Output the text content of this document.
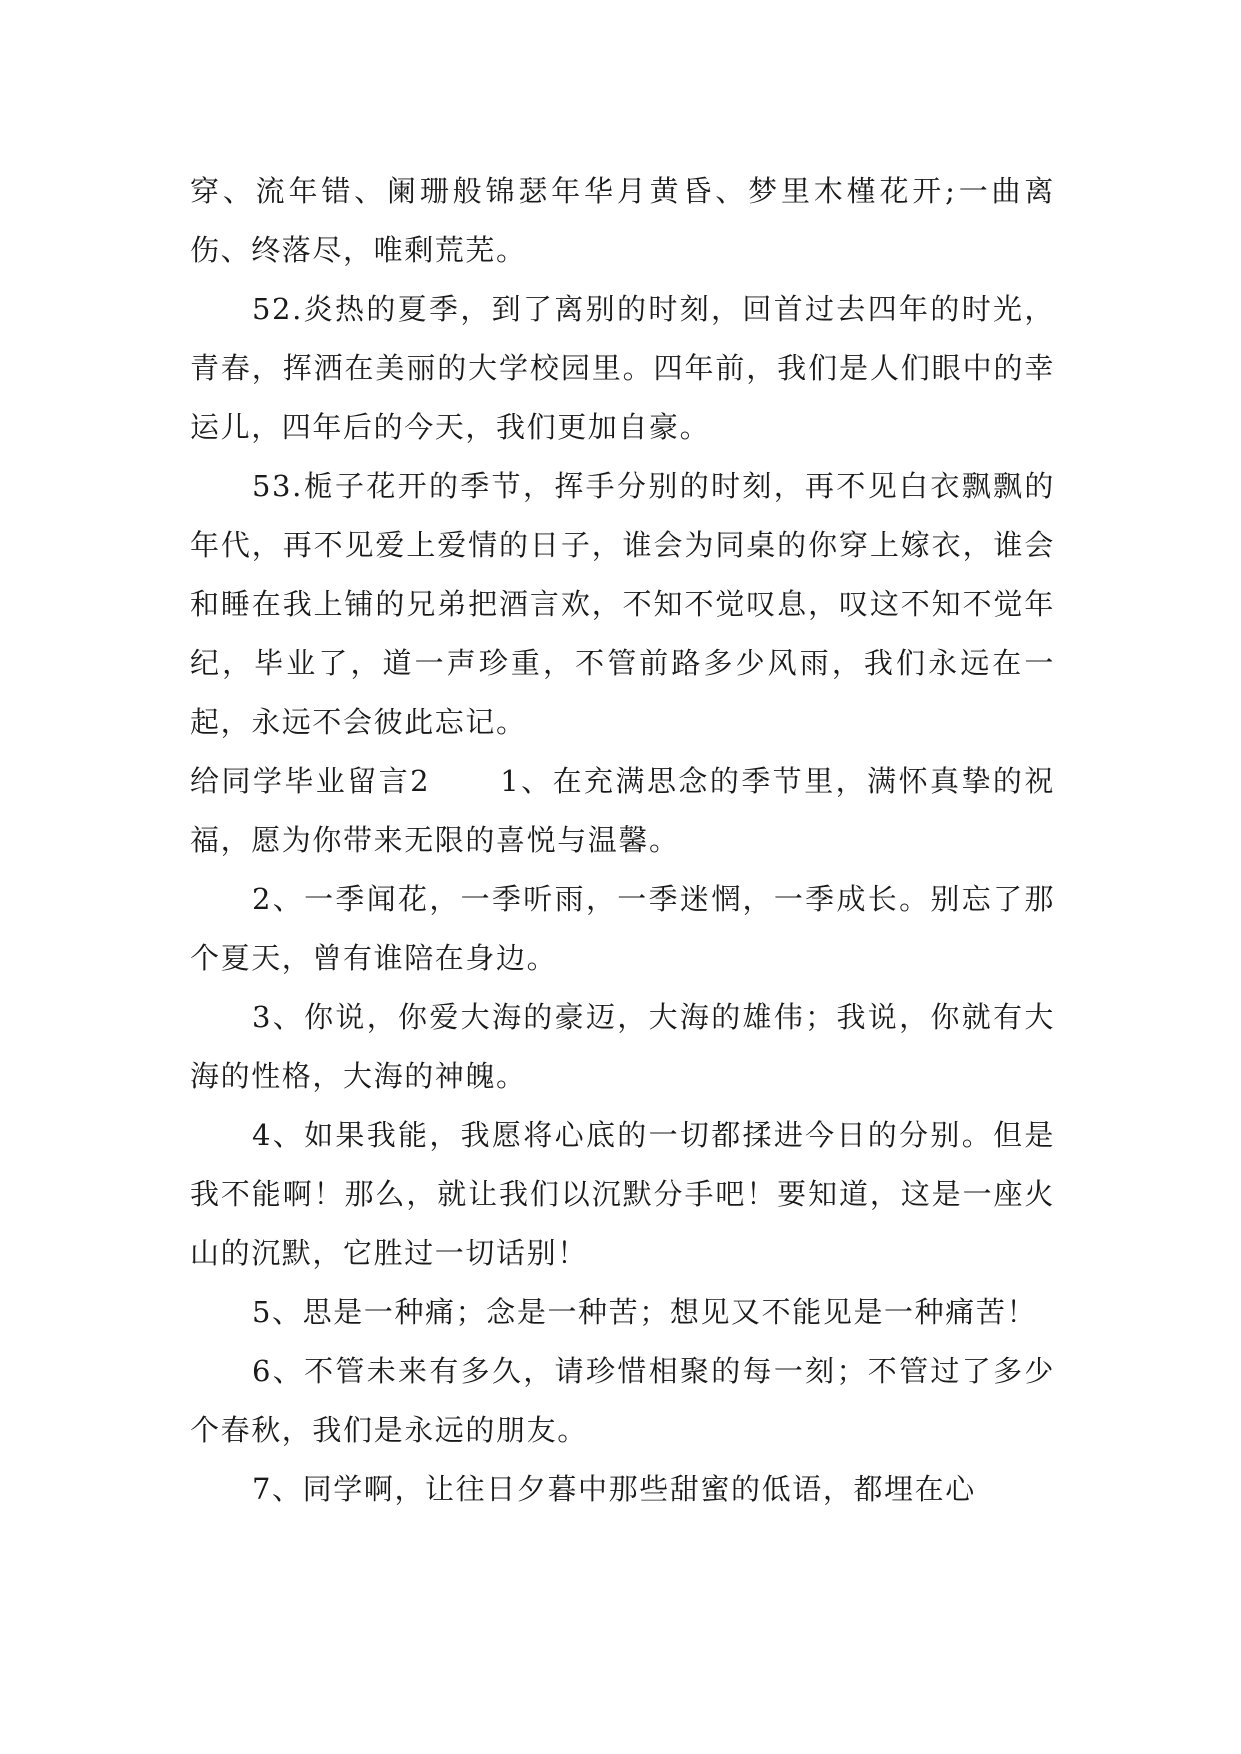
穿、流年错、阑珊般锦瑟年华月黄昏、梦里木槿花开;一曲离伤、终落尽，唯剩荒芜。

52.炎热的夏季，到了离别的时刻，回首过去四年的时光，青春，挥洒在美丽的大学校园里。四年前，我们是人们眼中的幸运儿，四年后的今天，我们更加自豪。

53.栀子花开的季节，挥手分别的时刻，再不见白衣飘飘的年代，再不见爱上爱情的日子，谁会为同桌的你穿上嫁衣，谁会和睡在我上铺的兄弟把酒言欢，不知不觉叹息，叹这不知不觉年纪，毕业了，道一声珍重，不管前路多少风雨，我们永远在一起，永远不会彼此忘记。

给同学毕业留言2 1、在充满思念的季节里，满怀真挚的祝福，愿为你带来无限的喜悦与温馨。

2、一季闻花，一季听雨，一季迷惘，一季成长。别忘了那个夏天，曾有谁陪在身边。

3、你说，你爱大海的豪迈，大海的雄伟；我说，你就有大海的性格，大海的神魄。

4、如果我能，我愿将心底的一切都揉进今日的分别。但是我不能啊！那么，就让我们以沉默分手吧！要知道，这是一座火山的沉默，它胜过一切话别！

5、思是一种痛；念是一种苦；想见又不能见是一种痛苦！

6、不管未来有多久，请珍惜相聚的每一刻；不管过了多少个春秋，我们是永远的朋友。

7、同学啊，让往日夕暮中那些甜蜜的低语，都埋在心
